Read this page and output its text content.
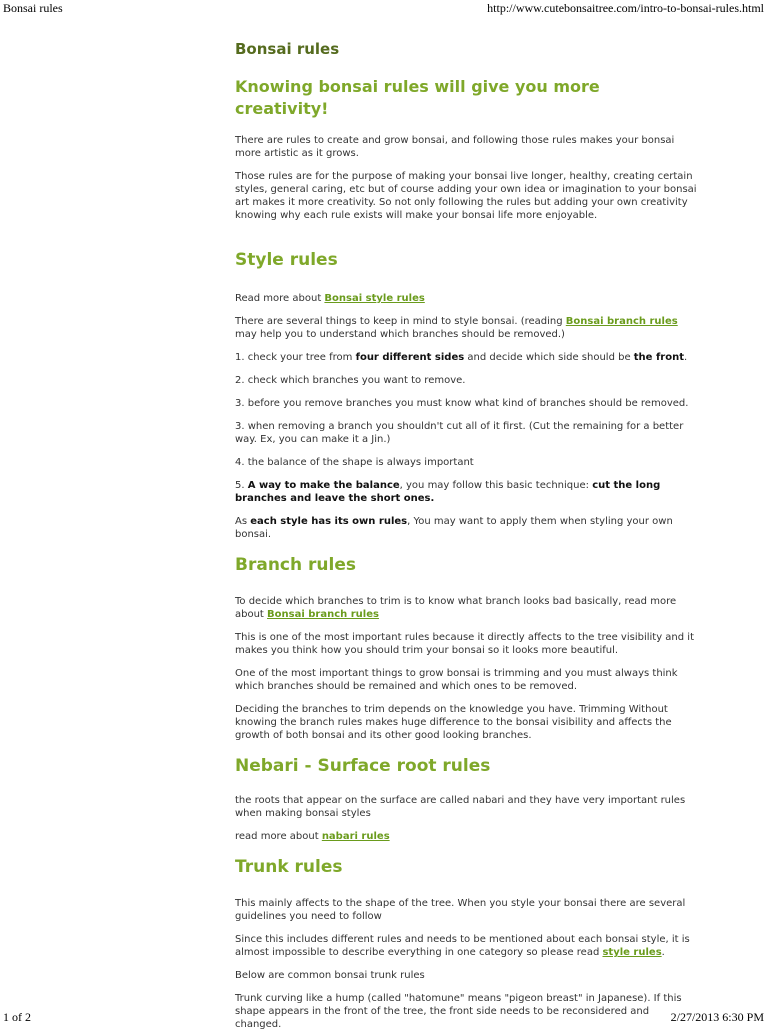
Bonsai rules	http://www.cutebonsaitree.com/intro-to-bonsai-rules.html
Bonsai rules
Knowing bonsai rules will give you more creativity!

There are rules to create and grow bonsai, and following those rules makes your bonsai more artistic as it grows.

Those rules are for the purpose of making your bonsai live longer, healthy, creating certain styles, general caring, etc but of course adding your own idea or imagination to your bonsai art makes it more creativity. So not only following the rules but adding your own creativity knowing why each rule exists will make your bonsai life more enjoyable.

Style rules

Read more about Bonsai style rules

There are several things to keep in mind to style bonsai. (reading Bonsai branch rules may help you to understand which branches should be removed.)

1. check your tree from four different sides and decide which side should be the front.

2. check which branches you want to remove.

3. before you remove branches you must know what kind of branches should be removed.

3. when removing a branch you shouldn't cut all of it first. (Cut the remaining for a better way. Ex, you can make it a Jin.)

4. the balance of the shape is always important

5. A way to make the balance, you may follow this basic technique: cut the long branches and leave the short ones.

As each style has its own rules, You may want to apply them when styling your own bonsai.

Branch rules

To decide which branches to trim is to know what branch looks bad basically, read more about Bonsai branch rules

This is one of the most important rules because it directly affects to the tree visibility and it makes you think how you should trim your bonsai so it looks more beautiful.

One of the most important things to grow bonsai is trimming and you must always think which branches should be remained and which ones to be removed.

Deciding the branches to trim depends on the knowledge you have. Trimming Without knowing the branch rules makes huge difference to the bonsai visibility and affects the growth of both bonsai and its other good looking branches.

Nebari - Surface root rules

the roots that appear on the surface are called nabari and they have very important rules when making bonsai styles

read more about nabari rules

Trunk rules

This mainly affects to the shape of the tree. When you style your bonsai there are several guidelines you need to follow

Since this includes different rules and needs to be mentioned about each bonsai style, it is almost impossible to describe everything in one category so please read style rules.

Below are common bonsai trunk rules

Trunk curving like a hump (called "hatomune" means "pigeon breast" in Japanese). If this shape appears in the front of the tree, the front side needs to be reconsidered and changed.

1 of 2	2/27/2013 6:30 PM
